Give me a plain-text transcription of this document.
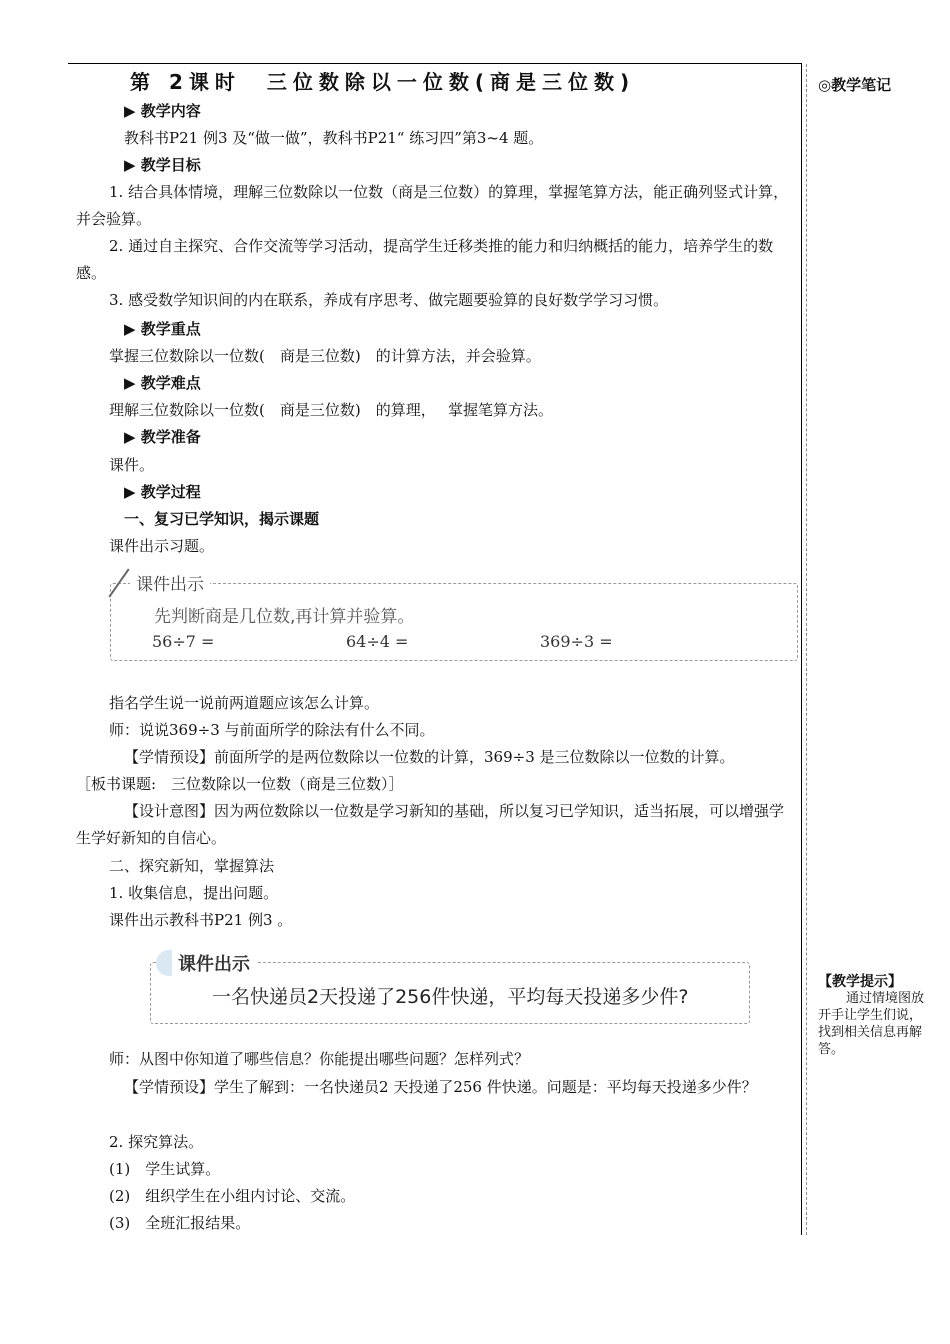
第 2课时　三位数除以一位数(商是三位数)
▶ 教学内容
教科书P21 例3 及“做一做”，教科书P21“ 练习四”第3~4 题。
▶ 教学目标
1. 结合具体情境，理解三位数除以一位数（商是三位数）的算理，掌握笔算方法，能正确列竖式计算，并会验算。
2. 通过自主探究、合作交流等学习活动，提高学生迁移类推的能力和归纳概括的能力，培养学生的数感。
3. 感受数学知识间的内在联系，养成有序思考、做完题要验算的良好数学学习习惯。
▶ 教学重点
掌握三位数除以一位数(　商是三位数)　的计算方法，并会验算。
▶ 教学难点
理解三位数除以一位数(　商是三位数)　的算理，　 掌握笔算方法。
▶ 教学准备
课件。
▶ 教学过程
一、复习已学知识，揭示课题
课件出示习题。
课件出示
先判断商是几位数,再计算并验算。
56÷7 =	64÷4 =	369÷3 =
指名学生说一说前两道题应该怎么计算。
师：说说369÷3 与前面所学的除法有什么不同。
【学情预设】前面所学的是两位数除以一位数的计算，369÷3 是三位数除以一位数的计算。
［板书课题:　三位数除以一位数（商是三位数）］
【设计意图】因为两位数除以一位数是学习新知的基础，所以复习已学知识，适当拓展，可以增强学生学好新知的自信心。
二、探究新知，掌握算法
1. 收集信息，提出问题。
课件出示教科书P21 例3 。
课件出示
一名快递员2天投递了256件快递，平均每天投递多少件?
师：从图中你知道了哪些信息？你能提出哪些问题？怎样列式？
【学情预设】学生了解到：一名快递员2 天投递了256 件快递。问题是：平均每天投递多少件？
2. 探究算法。
(1)　学生试算。
(2)　组织学生在小组内讨论、交流。
(3)　全班汇报结果。
◎教学笔记
【教学提示】
通过情境图放开手让学生们说，找到相关信息再解答。
